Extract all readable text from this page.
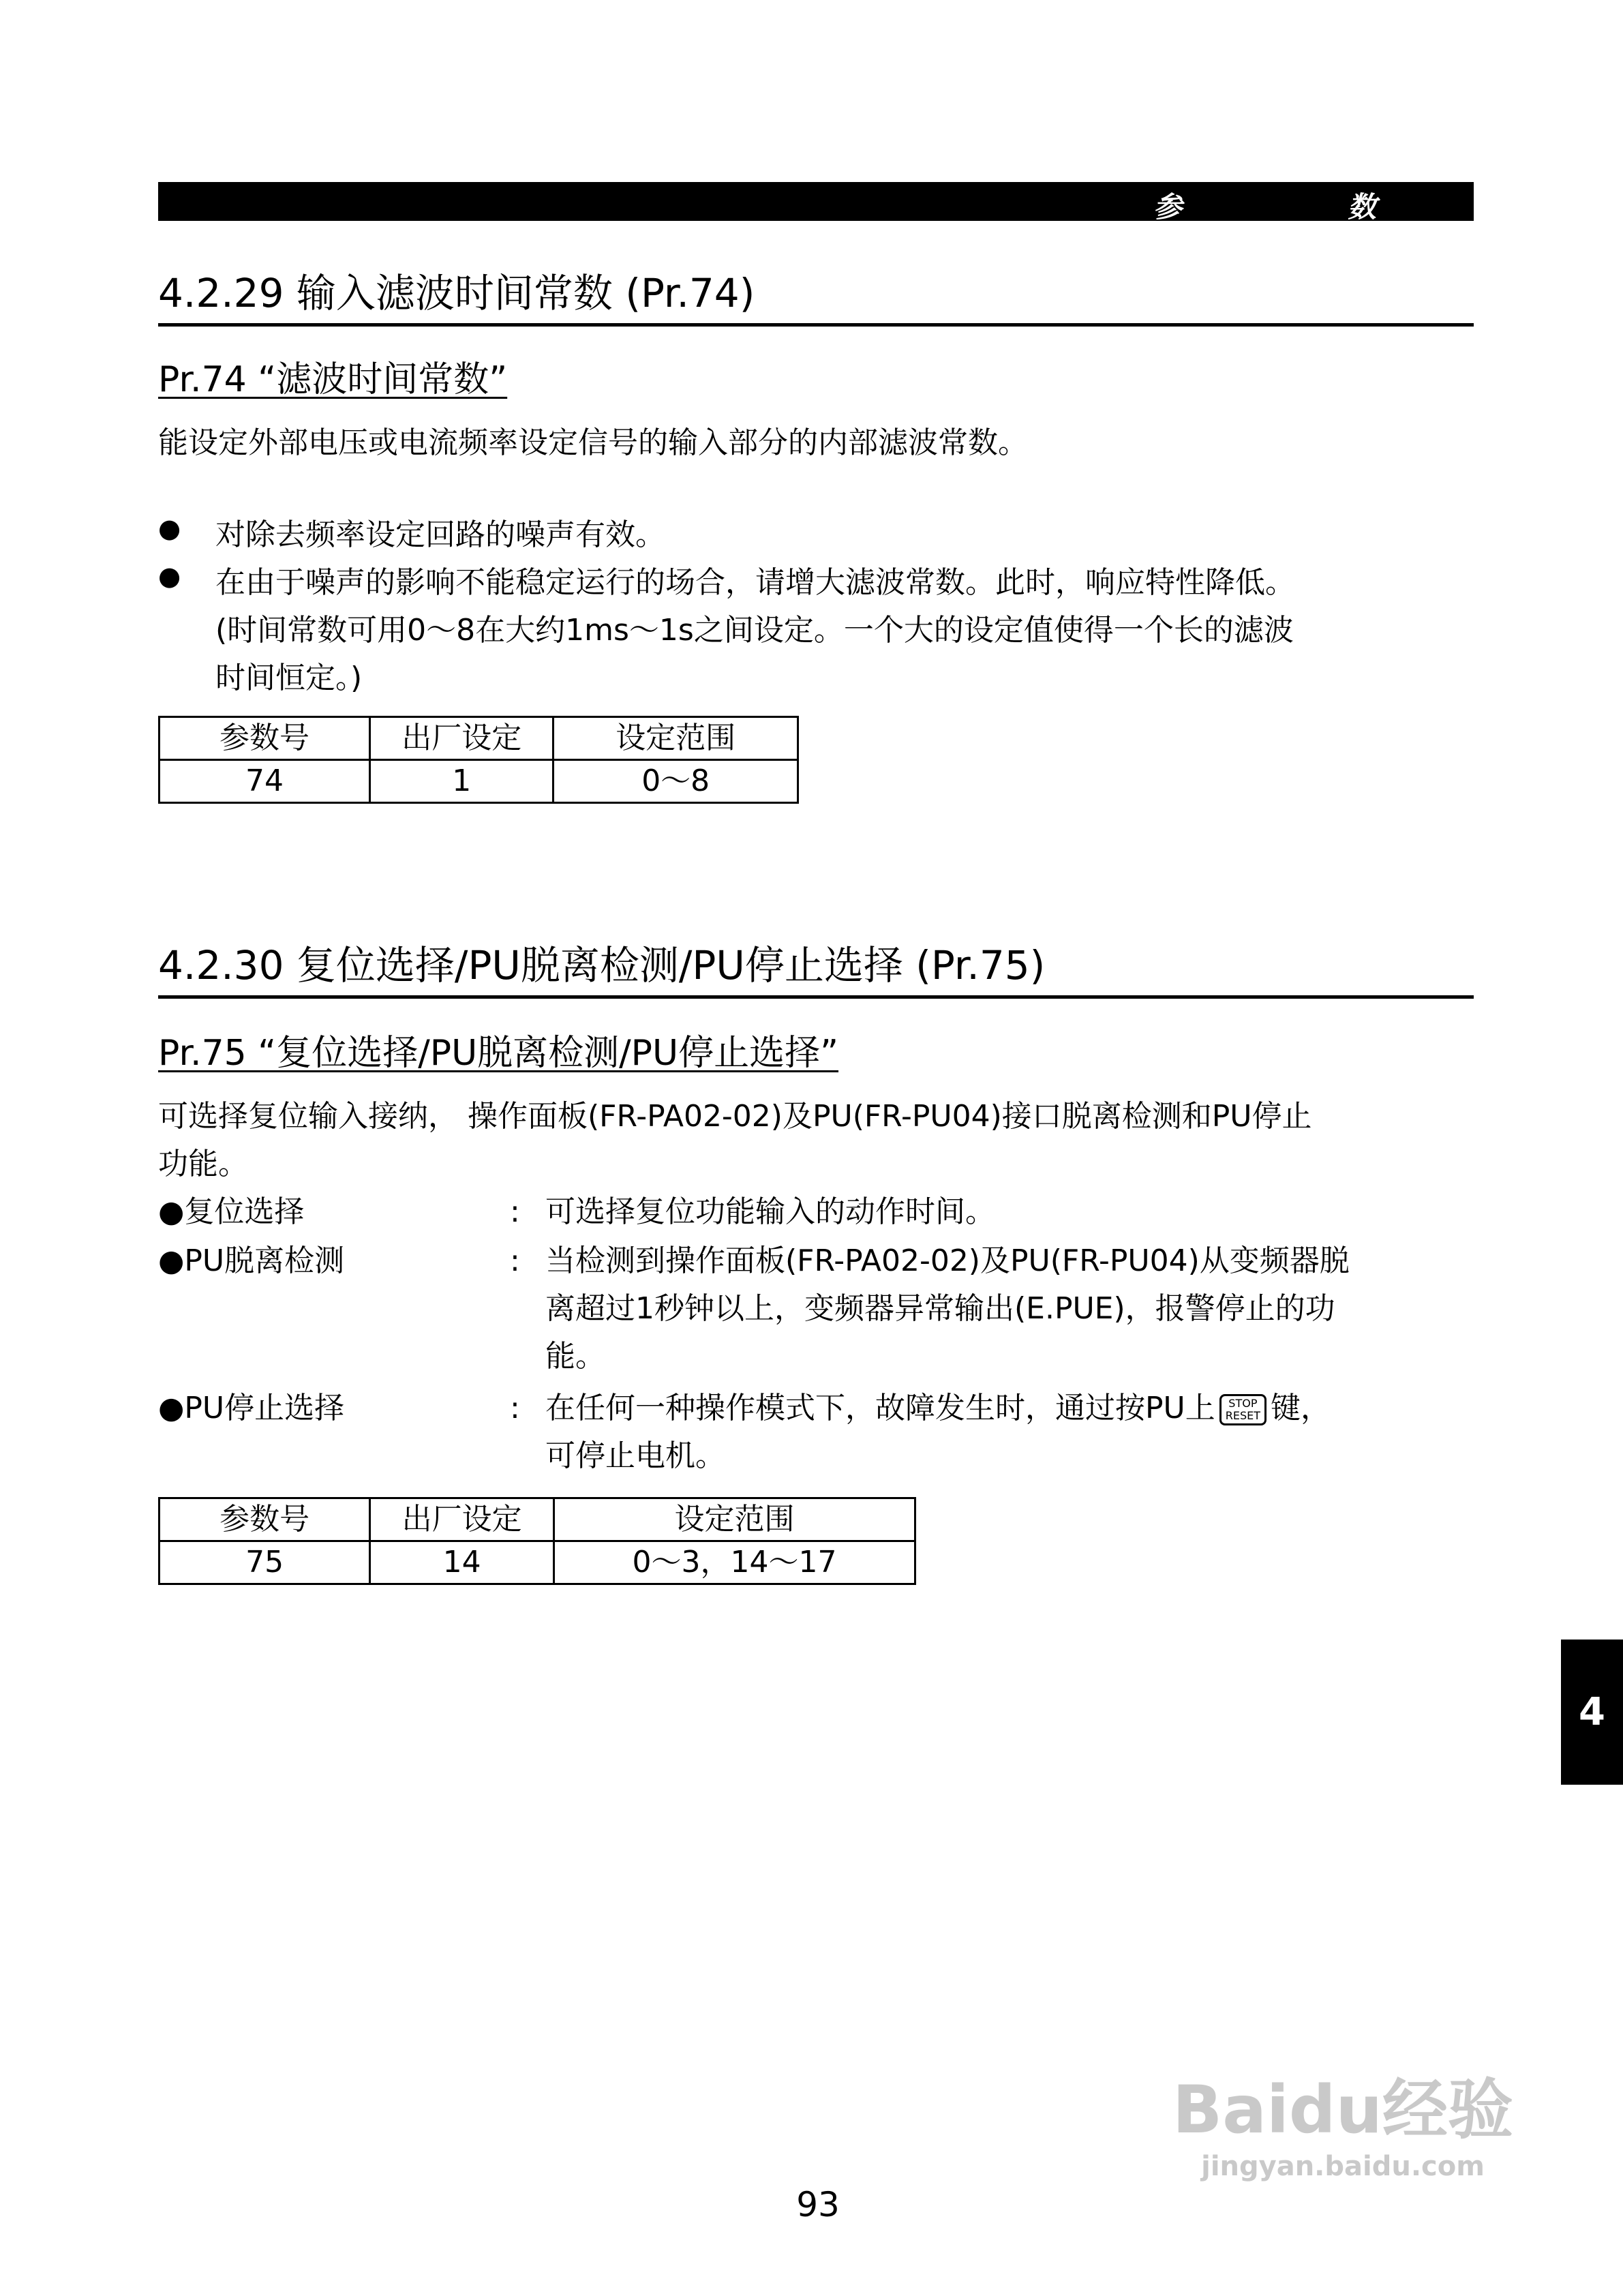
参	数
4.2.29 输入滤波时间常数 (Pr.74)
Pr.74 “滤波时间常数”
能设定外部电压或电流频率设定信号的输入部分的内部滤波常数。
● 对除去频率设定回路的噪声有效。
● 在由于噪声的影响不能稳定运行的场合，请增大滤波常数。此时，响应特性降低。
(时间常数可用0～8在大约1ms～1s之间设定。一个大的设定值使得一个长的滤波
时间恒定。)
参数号	出厂设定	设定范围
74	1	0～8
4.2.30 复位选择/PU脱离检测/PU停止选择 (Pr.75)
Pr.75 “复位选择/PU脱离检测/PU停止选择”
可选择复位输入接纳， 操作面板(FR-PA02-02)及PU(FR-PU04)接口脱离检测和PU停止
功能。
●复位选择	: 可选择复位功能输入的动作时间。
●PU脱离检测	: 当检测到操作面板(FR-PA02-02)及PU(FR-PU04)从变频器脱
离超过1秒钟以上，变频器异常输出(E.PUE)，报警停止的功
能。
●PU停止选择	: 在任何一种操作模式下，故障发生时，通过按PU上 STOP
RESET 键，
可停止电机。
参数号	出厂设定	设定范围
75	14	0～3，14～17
4
93
Baidu经验
jingyan.baidu.com
